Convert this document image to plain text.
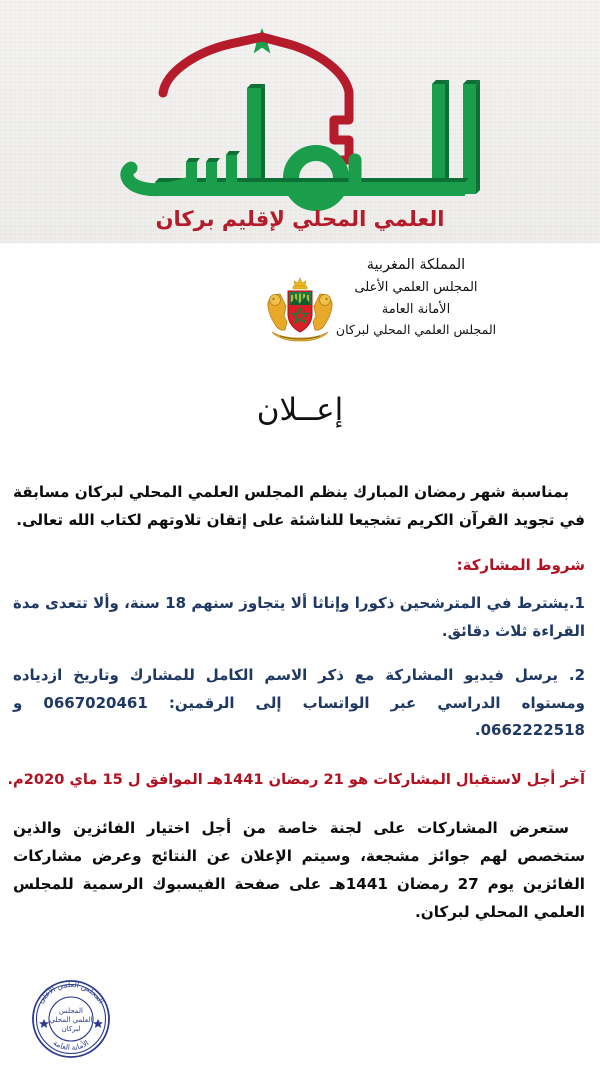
العلمي المحلي لإقليم بركان
المملكة المغربية
المجلس العلمي الأعلى
الأمانة العامة
المجلس العلمي المحلي لبركان
إعــلان

بمناسبة شهر رمضان المبارك ينظم المجلس العلمي المحلي لبركان مسابقة في تجويد القرآن الكريم تشجيعا للناشئة على إتقان تلاوتهم لكتاب الله تعالى.

شروط المشاركة:

1.يشترط في المترشحين ذكورا وإناثا ألا يتجاوز سنهم 18 سنة، وألا تتعدى مدة القراءة ثلاث دقائق.

2. يرسل فيديو المشاركة مع ذكر الاسم الكامل للمشارك وتاريخ ازدياده ومستواه الدراسي عبر الواتساب إلى الرقمين: 0667020461 و 0662222518.

آخر أجل لاستقبال المشاركات هو 21 رمضان 1441هـ الموافق ل 15 ماي 2020م.

ستعرض المشاركات على لجنة خاصة من أجل اختيار الفائزين والذين ستخصص لهم جوائز مشجعة، وسيتم الإعلان عن النتائج وعرض مشاركات الفائزين يوم 27 رمضان 1441هـ على صفحة الفيسبوك الرسمية للمجلس العلمي المحلي لبركان.

المجلس العلمي الأعلى
الأمانة العامة
المجلس
العلمي المحلي
لبركان
